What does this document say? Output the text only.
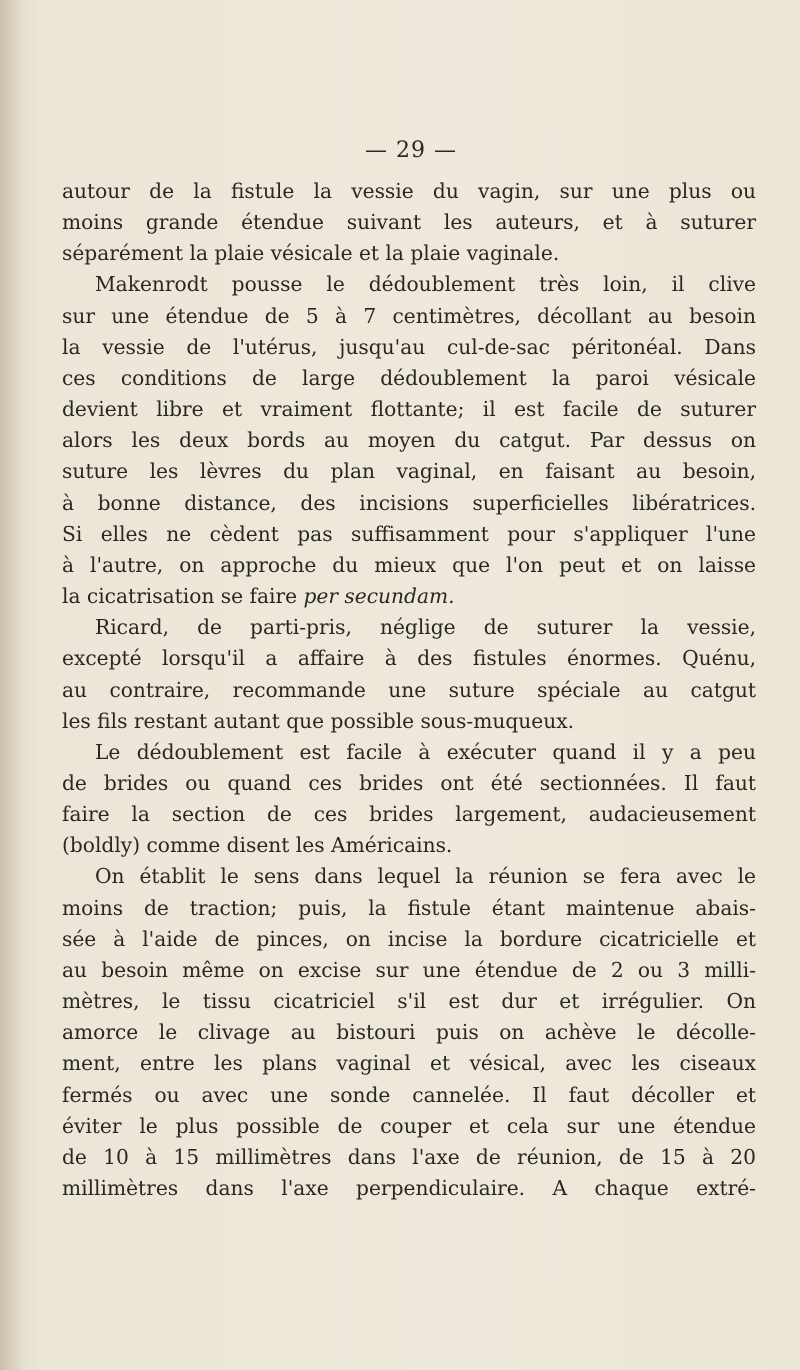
— 29 —
autour de la fistule la vessie du vagin, sur une plus ou
moins grande étendue suivant les auteurs, et à suturer
séparément la plaie vésicale et la plaie vaginale.
Makenrodt pousse le dédoublement très loin, il clive
sur une étendue de 5 à 7 centimètres, décollant au besoin
la vessie de l'utérus, jusqu'au cul-de-sac péritonéal. Dans
ces conditions de large dédoublement la paroi vésicale
devient libre et vraiment flottante; il est facile de suturer
alors les deux bords au moyen du catgut. Par dessus on
suture les lèvres du plan vaginal, en faisant au besoin,
à bonne distance, des incisions superficielles libératrices.
Si elles ne cèdent pas suffisamment pour s'appliquer l'une
à l'autre, on approche du mieux que l'on peut et on laisse
la cicatrisation se faire per secundam.
Ricard, de parti-pris, néglige de suturer la vessie,
excepté lorsqu'il a affaire à des fistules énormes. Quénu,
au contraire, recommande une suture spéciale au catgut
les fils restant autant que possible sous-muqueux.
Le dédoublement est facile à exécuter quand il y a peu
de brides ou quand ces brides ont été sectionnées. Il faut
faire la section de ces brides largement, audacieusement
(boldly) comme disent les Américains.
On établit le sens dans lequel la réunion se fera avec le
moins de traction; puis, la fistule étant maintenue abais-
sée à l'aide de pinces, on incise la bordure cicatricielle et
au besoin même on excise sur une étendue de 2 ou 3 milli-
mètres, le tissu cicatriciel s'il est dur et irrégulier. On
amorce le clivage au bistouri puis on achève le décolle-
ment, entre les plans vaginal et vésical, avec les ciseaux
fermés ou avec une sonde cannelée. Il faut décoller et
éviter le plus possible de couper et cela sur une étendue
de 10 à 15 millimètres dans l'axe de réunion, de 15 à 20
millimètres dans l'axe perpendiculaire. A chaque extré-
